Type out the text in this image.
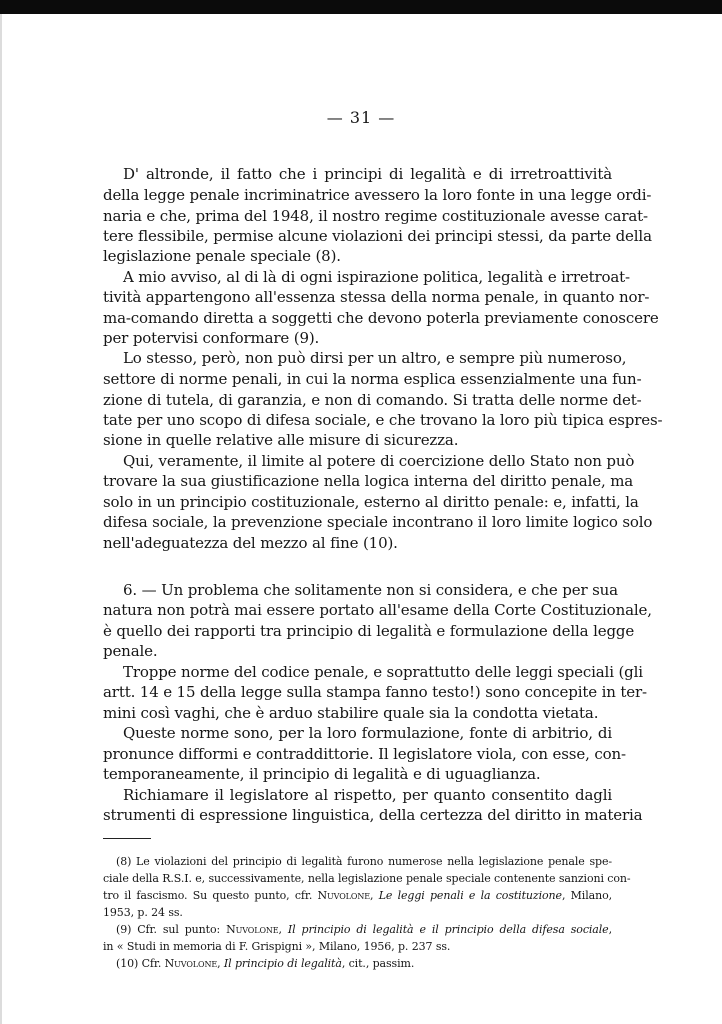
— 31 —
D' altronde, il fatto che i principi di legalità e di irretroattività
della legge penale incriminatrice avessero la loro fonte in una legge ordi-
naria e che, prima del 1948, il nostro regime costituzionale avesse carat-
tere flessibile, permise alcune violazioni dei principi stessi, da parte della
legislazione penale speciale (8).
A mio avviso, al di là di ogni ispirazione politica, legalità e irretroat-
tività appartengono all'essenza stessa della norma penale, in quanto nor-
ma-comando diretta a soggetti che devono poterla previamente conoscere
per potervisi conformare (9).
Lo stesso, però, non può dirsi per un altro, e sempre più numeroso,
settore di norme penali, in cui la norma esplica essenzialmente una fun-
zione di tutela, di garanzia, e non di comando. Si tratta delle norme det-
tate per uno scopo di difesa sociale, e che trovano la loro più tipica espres-
sione in quelle relative alle misure di sicurezza.
Qui, veramente, il limite al potere di coercizione dello Stato non può
trovare la sua giustificazione nella logica interna del diritto penale, ma
solo in un principio costituzionale, esterno al diritto penale: e, infatti, la
difesa sociale, la prevenzione speciale incontrano il loro limite logico solo
nell'adeguatezza del mezzo al fine (10).
6. — Un problema che solitamente non si considera, e che per sua
natura non potrà mai essere portato all'esame della Corte Costituzionale,
è quello dei rapporti tra principio di legalità e formulazione della legge
penale.
Troppe norme del codice penale, e soprattutto delle leggi speciali (gli
artt. 14 e 15 della legge sulla stampa fanno testo!) sono concepite in ter-
mini così vaghi, che è arduo stabilire quale sia la condotta vietata.
Queste norme sono, per la loro formulazione, fonte di arbitrio, di
pronunce difformi e contraddittorie. Il legislatore viola, con esse, con-
temporaneamente, il principio di legalità e di uguaglianza.
Richiamare il legislatore al rispetto, per quanto consentito dagli
strumenti di espressione linguistica, della certezza del diritto in materia
(8) Le violazioni del principio di legalità furono numerose nella legislazione penale spe-
ciale della R.S.I. e, successivamente, nella legislazione penale speciale contenente sanzioni con-
tro il fascismo. Su questo punto, cfr. Nuvolone, Le leggi penali e la costituzione, Milano,
1953, p. 24 ss.
(9) Cfr. sul punto: Nuvolone, Il principio di legalità e il principio della difesa sociale,
in « Studi in memoria di F. Grispigni », Milano, 1956, p. 237 ss.
(10) Cfr. Nuvolone, Il principio di legalità, cit., passim.
